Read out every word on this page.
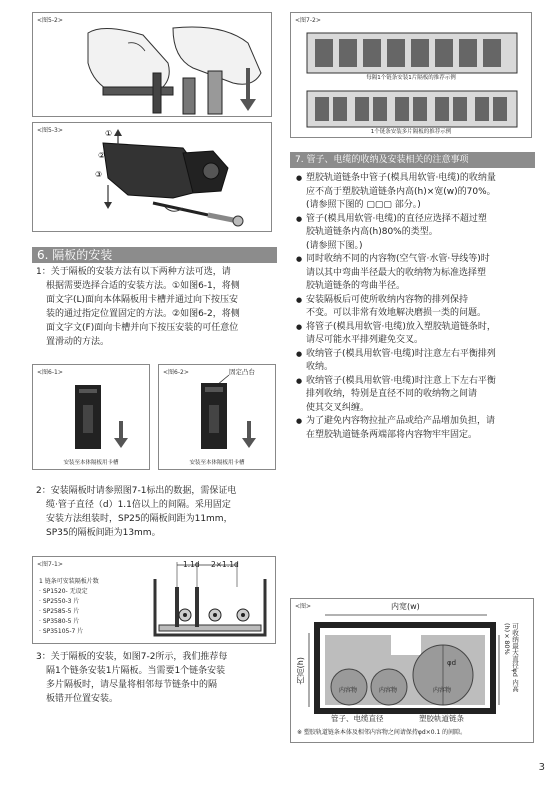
<图5-2>
<图5-3>
②
③
①
6. 隔板的安装

1：关于隔板的安装方法有以下两种方法可选，请

根据需要选择合适的安装方法。①如图6-1，将侧

面文字(L)面向本体隔板用卡槽并通过向下按压安

装的通过指定位置固定的方法。②如图6-2，将侧

面文字文(F)面向卡槽并向下按压安装的可任意位

置滑动的方法。

<图6-1>
安装至本体隔板用卡槽
<图6-2>	固定凸台
安装至本体隔板用卡槽

2：安装隔板时请参照图7-1标出的数据，需保证电

缆·管子直径（d）1.1倍以上的间隔。采用固定

安装方法组装时，SP25的隔板间距为11mm，

SP35的隔板间距为13mm。

<图7-1>
1 链条可安装隔板片数
· SP1520- 无设定
· SP2550-3 片
· SP2585-5 片
· SP3580-5 片
· SP35105-7 片
1.1d 2×1.1d

3：关于隔板的安装，如图7-2所示，我们推荐每

隔1个链条安装1片隔板。当需要1个链条安装

多片隔板时，请尽量将相邻每节链条中的隔

板错开位置安装。

<图7-2>
每隔1个链条安装1片隔板的推荐示例
1个链条安装多片隔板的推荐示例
7. 管子、电缆的收纳及安装相关的注意事项
● 塑胶轨道链条中管子(模具用软管·电缆)的收纳量
应不高于塑胶轨道链条内高(h)×宽(w)的70%。
(请参照下图的 ▢▢▢ 部分。)
● 管子(模具用软管·电缆)的直径应选择不超过塑
胶轨道链条内高(h)80%的类型。
(请参照下图。)
● 同时收纳不同的内容物(空气管·水管·导线等)时
请以其中弯曲半径最大的收纳物为标准选择塑
胶轨道链条的弯曲半径。
● 安装隔板后可使所收纳内容物的排列保持
不变。可以非常有效地解决磨损一类的问题。
● 将管子(模具用软管·电缆)放入塑胶轨道链条时，
请尽可能水平排列避免交叉。
● 收纳管子(模具用软管·电缆)时注意左右平衡排列
收纳。
● 收纳管子(模具用软管·电缆)时注意上下左右平衡
排列收纳，特别是直径不同的收纳物之间请
使其交叉纠缠。
● 为了避免内容物拉扯产品或给产品增加负担，请
在塑胶轨道链条两端部将内容物牢牢固定。
<图>	内宽(w)
内高(h)	可收纳最大直径φd 内高(h)×80%
内容物	内容物	内容物
φd
管子、电缆直径	塑胶轨道链条
※ 塑胶轨道链条本体及相邻内容物之间请保持φd×0.1 的间隙。
3
